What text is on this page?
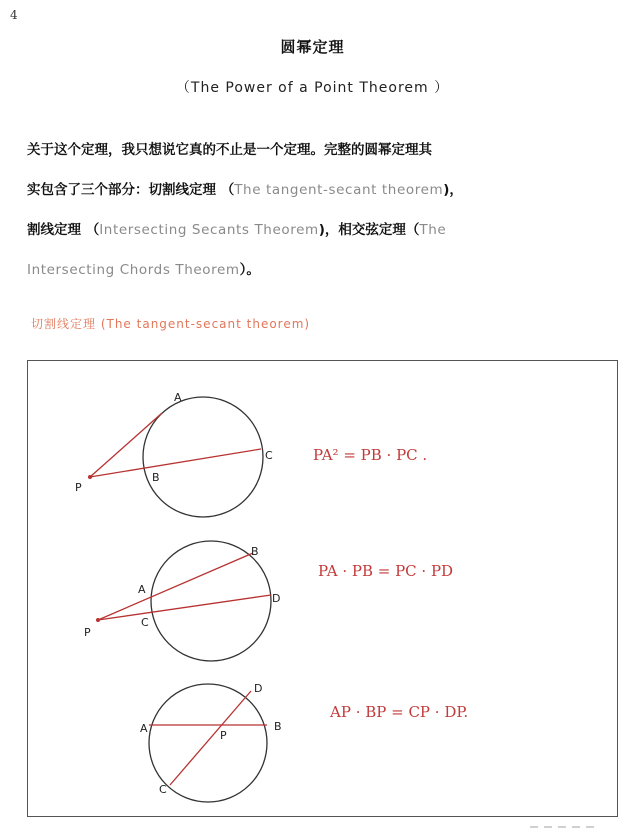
4
圆幂定理
（The Power of a Point Theorem ）
关于这个定理，我只想说它真的不止是一个定理。完整的圆幂定理其
实包含了三个部分：切割线定理 （The tangent-secant theorem)，
割线定理 （Intersecting Secants Theorem)，相交弦定理（The
Intersecting Chords Theorem）。
切割线定理 (The tangent-secant theorem)
A
B
C
P
PA² = PB · PC .
A
B
C
D
P
PA · PB = PC · PD
A	B
C
D
P
AP · BP = CP · DP.
